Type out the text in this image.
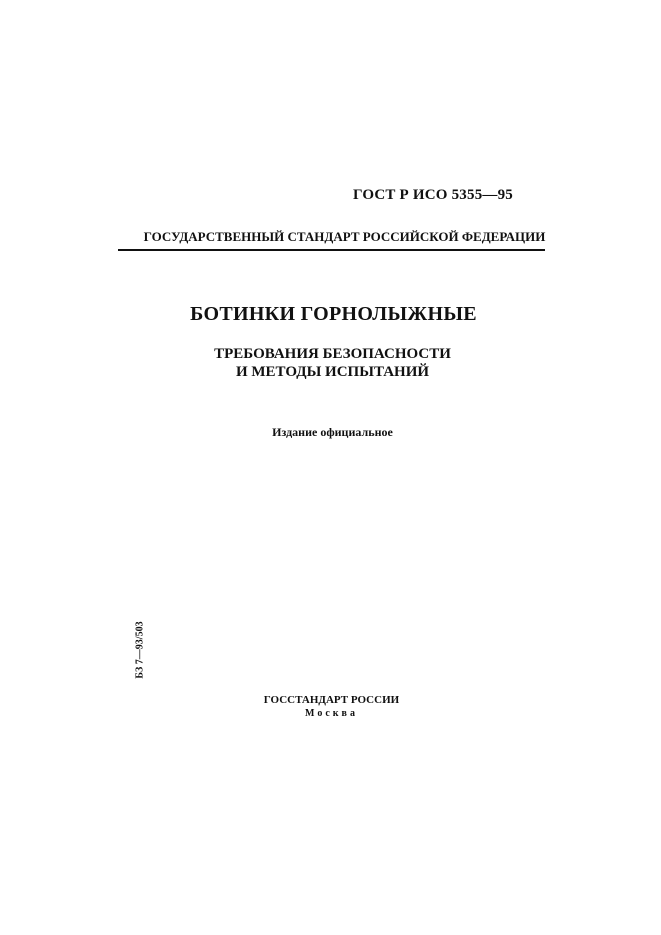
ГОСТ Р ИСО 5355—95
ГОСУДАРСТВЕННЫЙ СТАНДАРТ РОССИЙСКОЙ ФЕДЕРАЦИИ
БОТИНКИ ГОРНОЛЫЖНЫЕ
ТРЕБОВАНИЯ БЕЗОПАСНОСТИ
И МЕТОДЫ ИСПЫТАНИЙ
Издание официальное
БЗ 7—93/503
ГОССТАНДАРТ РОССИИ
Москва
